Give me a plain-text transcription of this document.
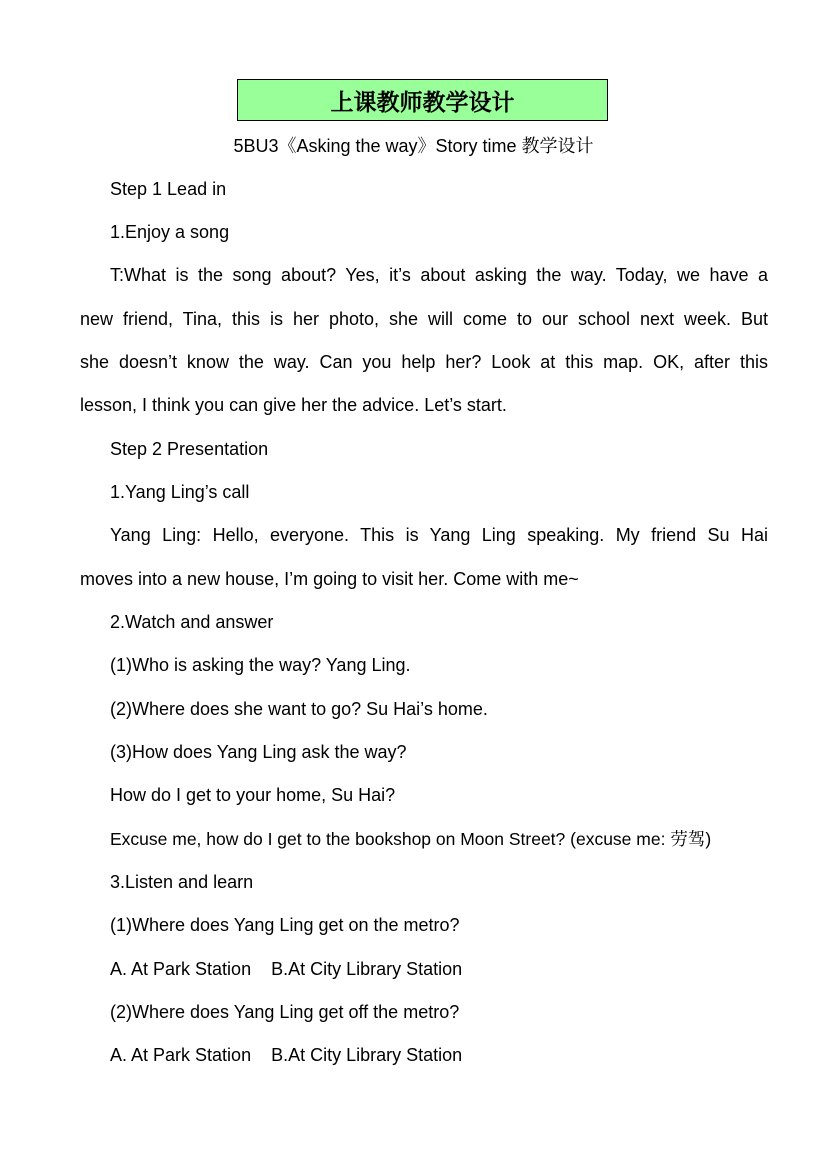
上课教师教学设计
5BU3《Asking the way》Story time 教学设计
Step 1 Lead in
1.Enjoy a song
T:What is the song about? Yes, it’s about asking the way. Today, we have a
new friend, Tina, this is her photo, she will come to our school next week. But
she doesn’t know the way. Can you help her? Look at this map. OK, after this
lesson, I think you can give her the advice. Let’s start.
Step 2 Presentation
1.Yang Ling’s call
Yang Ling: Hello, everyone. This is Yang Ling speaking. My friend Su Hai
moves into a new house, I’m going to visit her. Come with me~
2.Watch and answer
(1)Who is asking the way? Yang Ling.
(2)Where does she want to go? Su Hai’s home.
(3)How does Yang Ling ask the way?
How do I get to your home, Su Hai?
Excuse me, how do I get to the bookshop on Moon Street? (excuse me: 劳驾)
3.Listen and learn
(1)Where does Yang Ling get on the metro?
A. At Park Station B.At City Library Station
(2)Where does Yang Ling get off the metro?
A. At Park Station B.At City Library Station
